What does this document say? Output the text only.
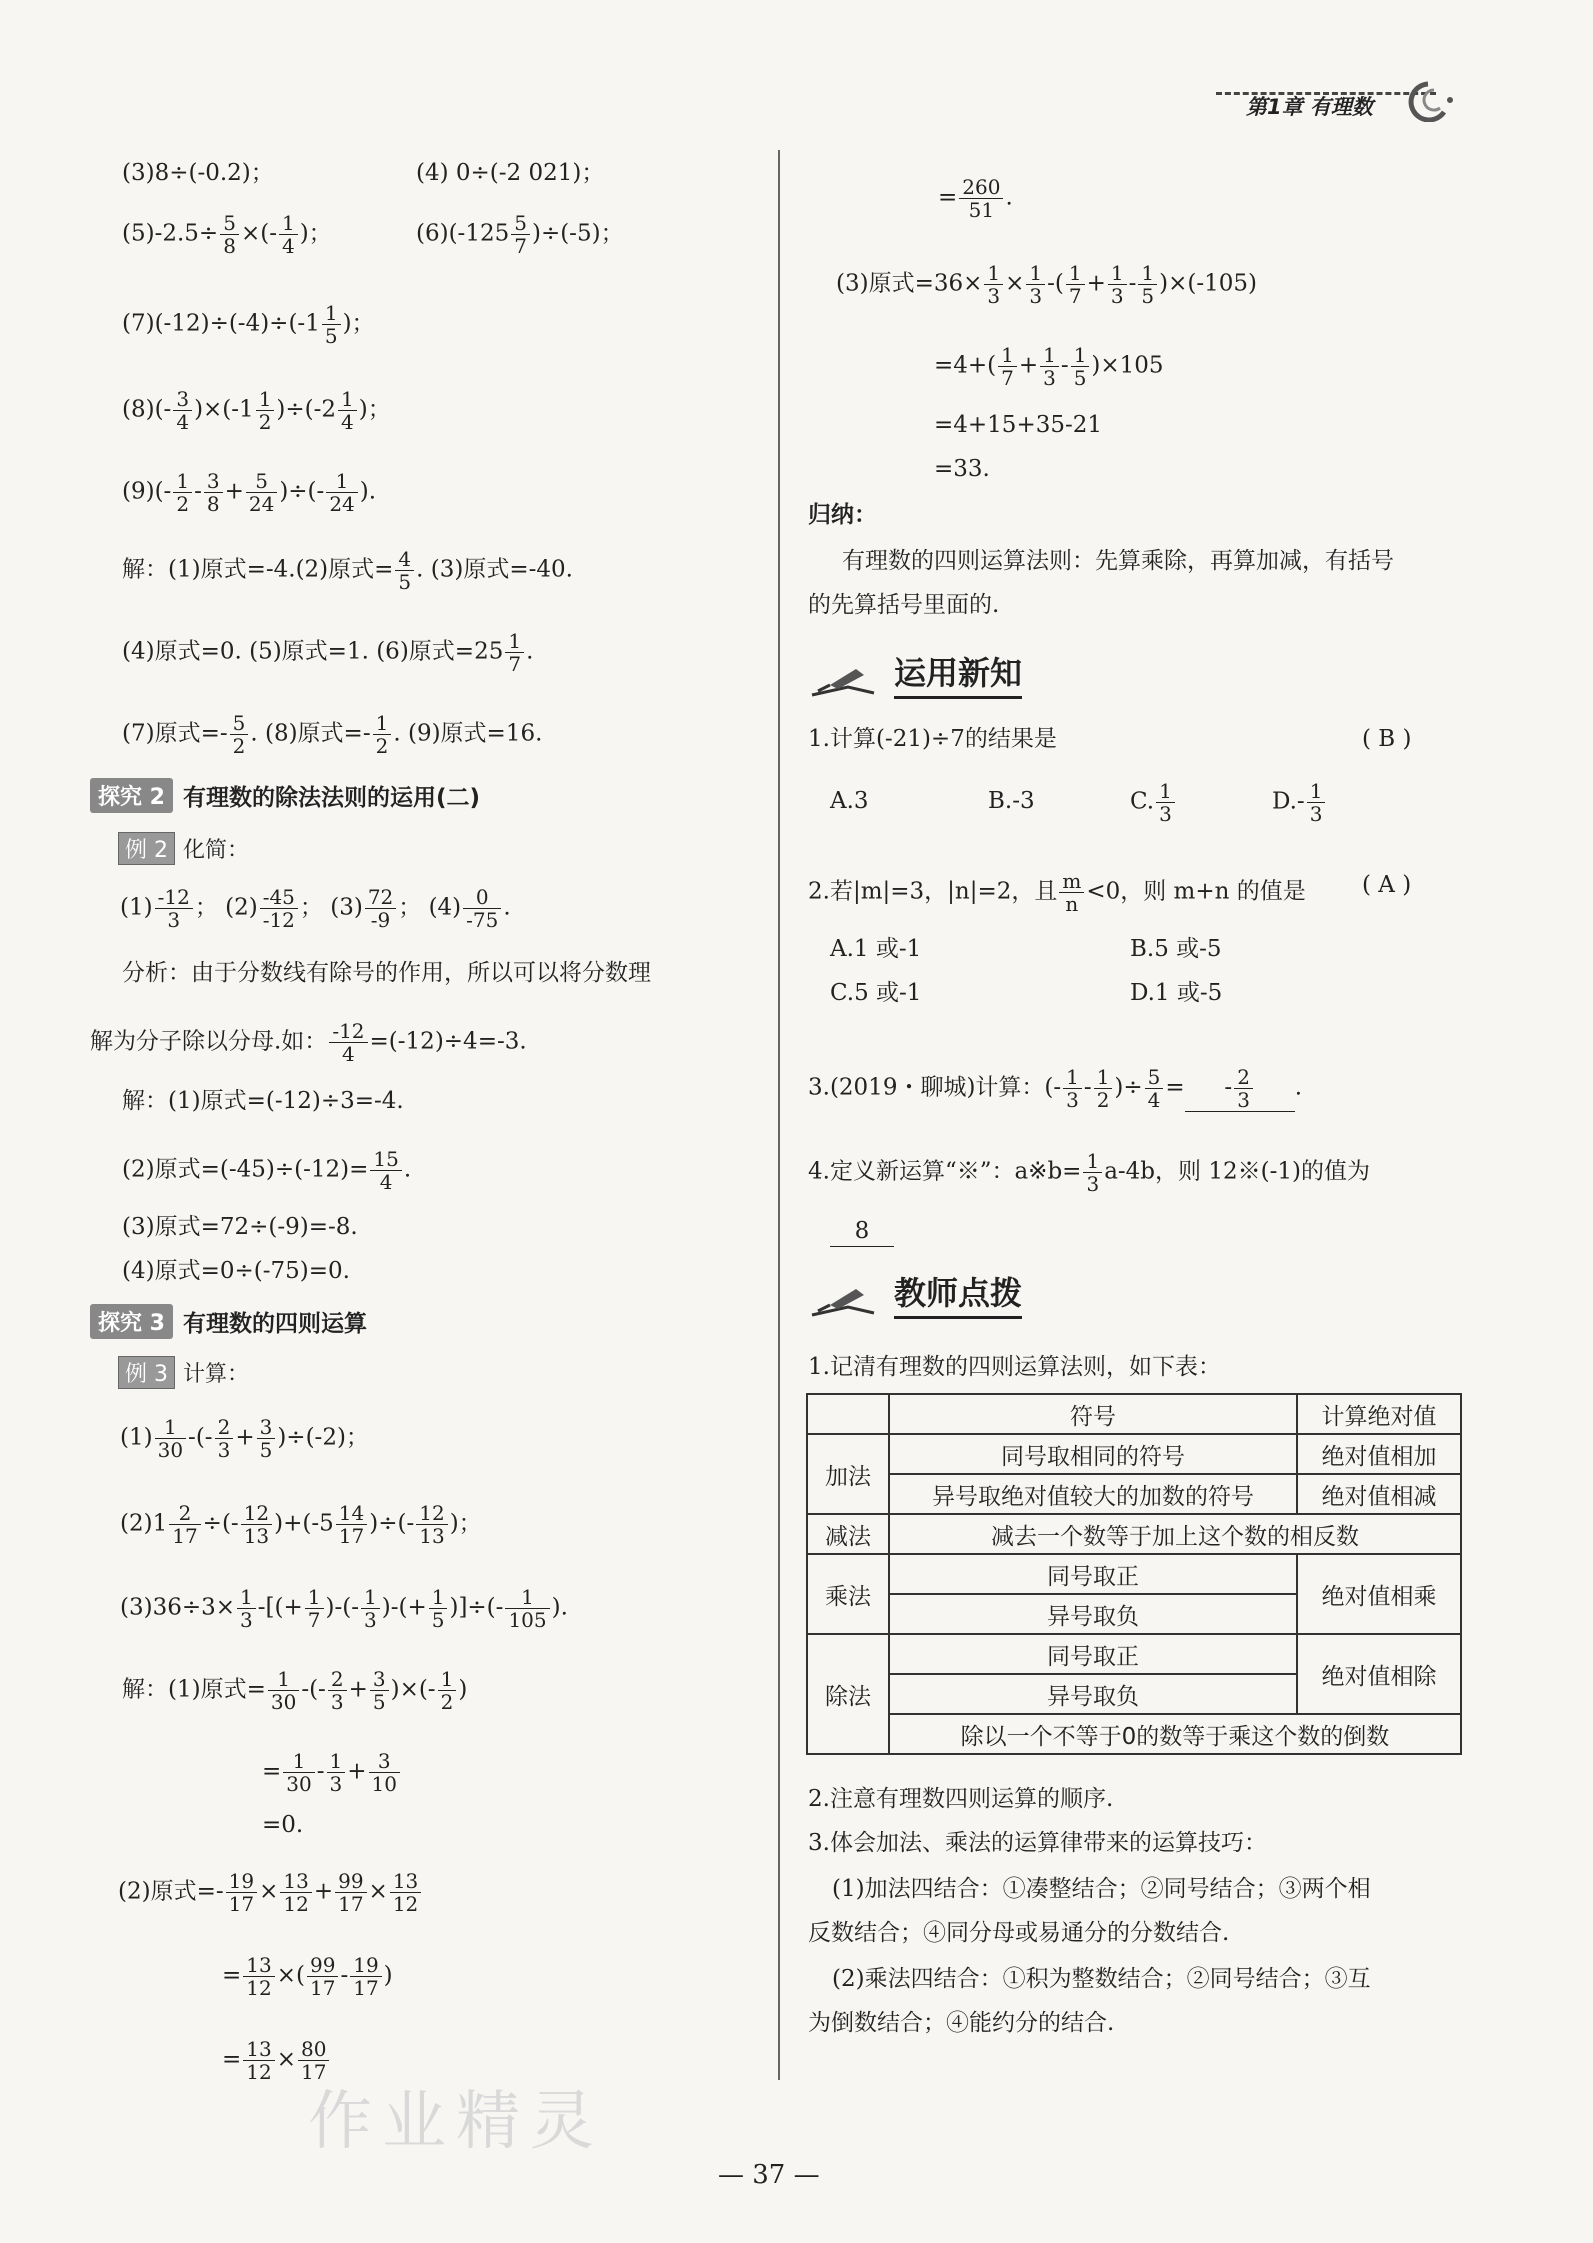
第1章 有理数
(3)8÷(-0.2)；	(4) 0÷(-2 021)；
$(5)-2.5\div \frac{5}{8}$ ×(- $\frac{1}{4}$ )；	$(6)(-125 \frac{5}{7} )\div(-5)$；
$(7)(-12)\div(-4)\div(-1 \frac{1}{5}$ )；
$(8)(- \frac{3}{4} )\times(-1 \frac{1}{2} )\div(-2 \frac{1}{4}$ )；
$(9)(- \frac{1}{2} - \frac{3}{8} + \frac{5}{24}$ )÷(- $\frac{1}{24}$ ).
解：(1)原式=-4.(2)原式= $\frac{4}{5}$ . (3)原式=-40.
(4)原式=0. (5)原式=1. (6)原式$=25 \frac{1}{7}$ .
(7)原式=- $\frac{5}{2}$ . (8)原式=- $\frac{1}{2}$ . (9)原式=16.
探究 2 有理数的除法法则的运用(二)
例 2 化简：
$(1) \frac{-12}{3}$ ； $(2) \frac{-45}{-12}$ ； $(3) \frac{72}{-9}$ ； $(4) \frac{0}{-75}$ .
分析：由于分数线有除号的作用，所以可以将分数理
解为分子除以分母.如： $\frac{-12}{4} =(-12)\div 4=-3$.
解：(1)原式=(-12)÷3=-4.
(2)原式$=(-45)\div(-12)= \frac{15}{4}$ .
(3)原式=72÷(-9)=-8.
(4)原式=0÷(-75)=0.
探究 3 有理数的四则运算
例 3 计算：
$(1) \frac{1}{30}$ -(- $\frac{2}{3} + \frac{3}{5} )\div(-2)$；
$(2)1 \frac{2}{17}$ ÷(- $\frac{12}{13} )+(-5 \frac{14}{17}$ )÷(- $\frac{12}{13}$ )；
$(3)36\div 3\times \frac{1}{3}$ -[(+ $\frac{1}{7}$ )-(- $\frac{1}{3}$ )-(+ $\frac{1}{5}$ )]÷(- $\frac{1}{105}$ ).
解：(1)原式= $\frac{1}{30}$ -(- $\frac{2}{3} + \frac{3}{5}$ )×(- $\frac{1}{2}$ )
= $\frac{1}{30} - \frac{1}{3} + \frac{3}{10}$
=0.
(2)原式=- $\frac{19}{17} \times \frac{13}{12} + \frac{99}{17} \times \frac{13}{12}$
= $\frac{13}{12}$ ×( $\frac{99}{17} - \frac{19}{17}$ )
= $\frac{13}{12} \times \frac{80}{17}$
= $\frac{260}{51}$ .
(3)原式$=36\times \frac{1}{3} \times \frac{1}{3}$ -( $\frac{1}{7} + \frac{1}{3} - \frac{1}{5} )\times(-105)$
$=4+( \frac{1}{7} + \frac{1}{3} - \frac{1}{5} )\times 105$
=4+15+35-21
=33.
归纳：
有理数的四则运算法则：先算乘除，再算加减，有括号
的先算括号里面的.
运用新知
1.计算(-21)÷7的结果是	( B )
A.3	B.-3	C. $\frac{1}{3}$	$D.- \frac{1}{3}$
2.若|m|=3，|n|=2，且 $\frac{m}{n} <0$，则 m+n 的值是 ( A )
A.1 或-1	B.5 或-5
C.5 或-1	D.1 或-5
3.(2019・聊城)计算：(- $\frac{1}{3} - \frac{1}{2}$ )÷ $\frac{5}{4}$ = - $\frac{2}{3}$ .
4.定义新运算“※”：a※b= $\frac{1}{3} a-4b$，则 12※(-1)的值为
8
教师点拨
1.记清有理数的四则运算法则，如下表：
	符号	计算绝对值
加法	同号取相同的符号	绝对值相加
	异号取绝对值较大的加数的符号	绝对值相减
减法	减去一个数等于加上这个数的相反数	
乘法	同号取正	绝对值相乘
	异号取负	
除法	同号取正	绝对值相除
	异号取负	
	除以一个不等于0的数等于乘这个数的倒数	
2.注意有理数四则运算的顺序.
3.体会加法、乘法的运算律带来的运算技巧：
(1)加法四结合：①凑整结合；②同号结合；③两个相
反数结合；④同分母或易通分的分数结合.
(2)乘法四结合：①积为整数结合；②同号结合；③互
为倒数结合；④能约分的结合.
作业精灵
— 37 —
